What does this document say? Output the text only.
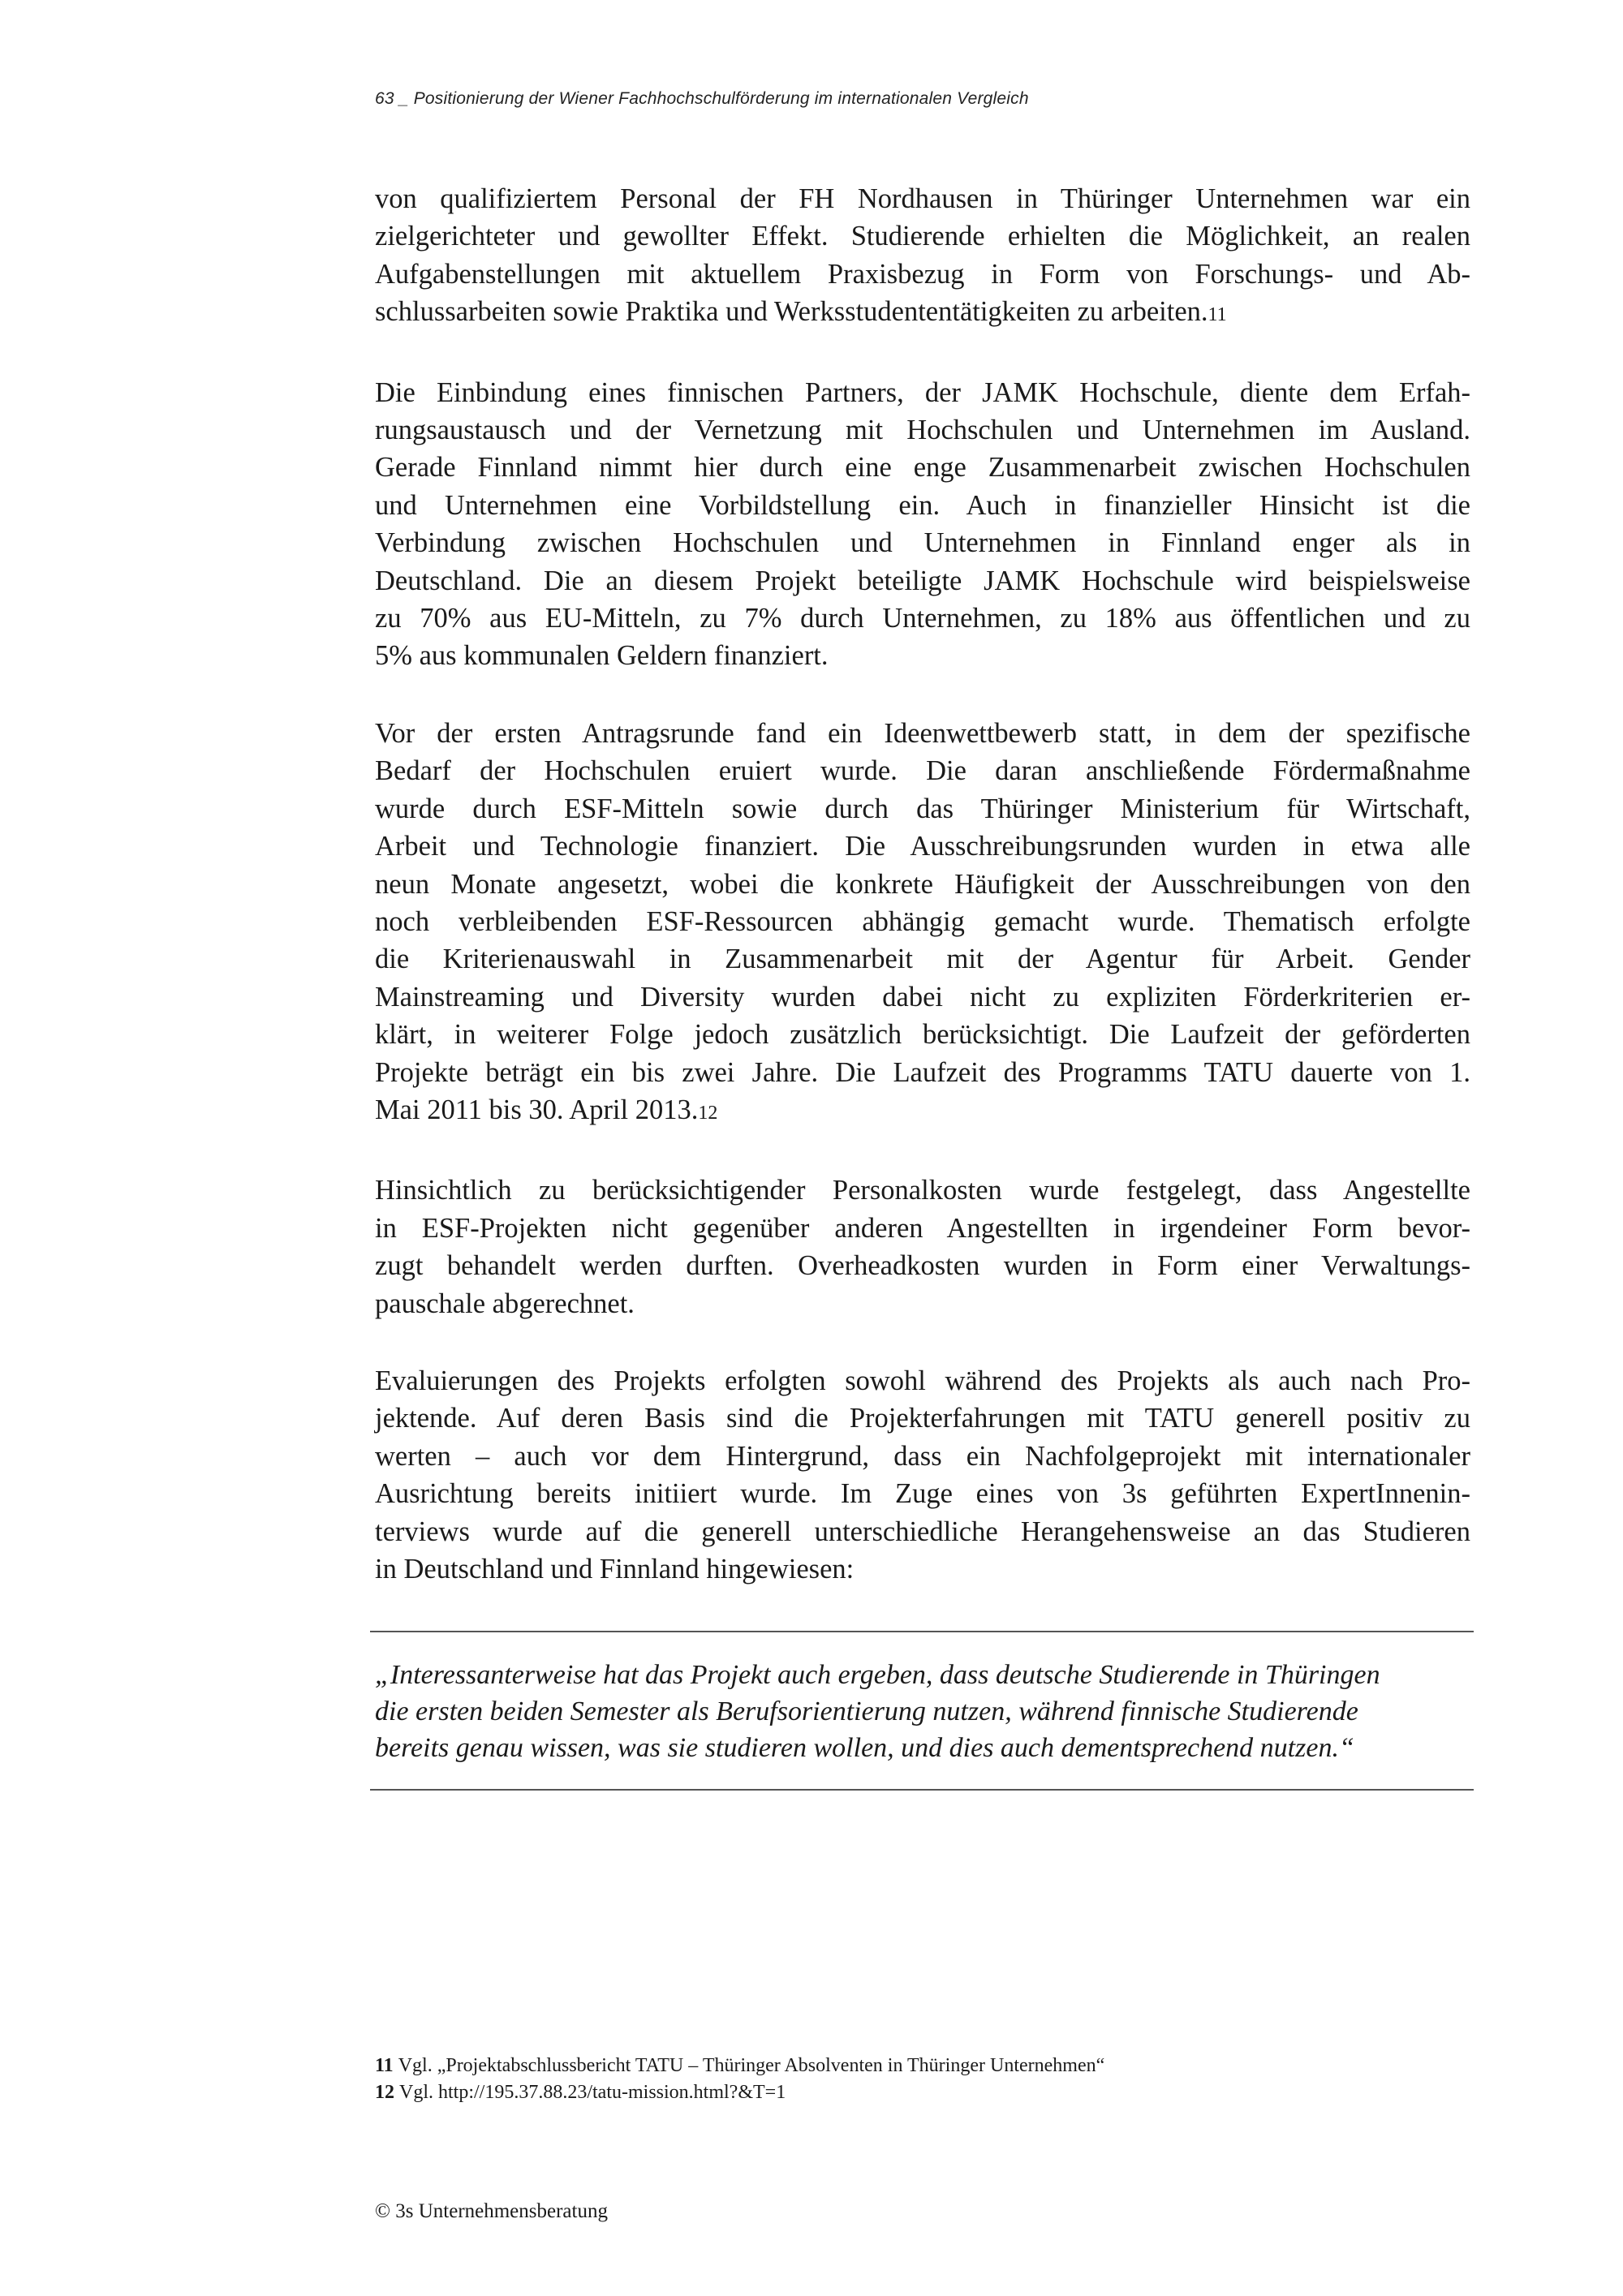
63 _ Positionierung der Wiener Fachhochschulförderung im internationalen Vergleich

von qualifiziertem Personal der FH Nordhausen in Thüringer Unternehmen war ein
zielgerichteter und gewollter Effekt. Studierende erhielten die Möglichkeit, an realen
Aufgabenstellungen mit aktuellem Praxisbezug in Form von Forschungs- und Ab-
schlussarbeiten sowie Praktika und Werksstudententätigkeiten zu arbeiten.11

Die Einbindung eines finnischen Partners, der JAMK Hochschule, diente dem Erfah-
rungsaustausch und der Vernetzung mit Hochschulen und Unternehmen im Ausland.
Gerade Finnland nimmt hier durch eine enge Zusammenarbeit zwischen Hochschulen
und Unternehmen eine Vorbildstellung ein. Auch in finanzieller Hinsicht ist die
Verbindung zwischen Hochschulen und Unternehmen in Finnland enger als in
Deutschland. Die an diesem Projekt beteiligte JAMK Hochschule wird beispielsweise
zu 70% aus EU-Mitteln, zu 7% durch Unternehmen, zu 18% aus öffentlichen und zu
5% aus kommunalen Geldern finanziert.

Vor der ersten Antragsrunde fand ein Ideenwettbewerb statt, in dem der spezifische
Bedarf der Hochschulen eruiert wurde. Die daran anschließende Fördermaßnahme
wurde durch ESF-Mitteln sowie durch das Thüringer Ministerium für Wirtschaft,
Arbeit und Technologie finanziert. Die Ausschreibungsrunden wurden in etwa alle
neun Monate angesetzt, wobei die konkrete Häufigkeit der Ausschreibungen von den
noch verbleibenden ESF-Ressourcen abhängig gemacht wurde. Thematisch erfolgte
die Kriterienauswahl in Zusammenarbeit mit der Agentur für Arbeit. Gender
Mainstreaming und Diversity wurden dabei nicht zu expliziten Förderkriterien er-
klärt, in weiterer Folge jedoch zusätzlich berücksichtigt. Die Laufzeit der geförderten
Projekte beträgt ein bis zwei Jahre. Die Laufzeit des Programms TATU dauerte von 1.
Mai 2011 bis 30. April 2013.12

Hinsichtlich zu berücksichtigender Personalkosten wurde festgelegt, dass Angestellte
in ESF-Projekten nicht gegenüber anderen Angestellten in irgendeiner Form bevor-
zugt behandelt werden durften. Overheadkosten wurden in Form einer Verwaltungs-
pauschale abgerechnet.

Evaluierungen des Projekts erfolgten sowohl während des Projekts als auch nach Pro-
jektende. Auf deren Basis sind die Projekterfahrungen mit TATU generell positiv zu
werten – auch vor dem Hintergrund, dass ein Nachfolgeprojekt mit internationaler
Ausrichtung bereits initiiert wurde. Im Zuge eines von 3s geführten ExpertInnenin-
terviews wurde auf die generell unterschiedliche Herangehensweise an das Studieren
in Deutschland und Finnland hingewiesen:

„Interessanterweise hat das Projekt auch ergeben, dass deutsche Studierende in Thüringen
die ersten beiden Semester als Berufsorientierung nutzen, während finnische Studierende
bereits genau wissen, was sie studieren wollen, und dies auch dementsprechend nutzen.“
11 Vgl. „Projektabschlussbericht TATU – Thüringer Absolventen in Thüringer Unternehmen“
12 Vgl. http://195.37.88.23/tatu-mission.html?&T=1
© 3s Unternehmensberatung
